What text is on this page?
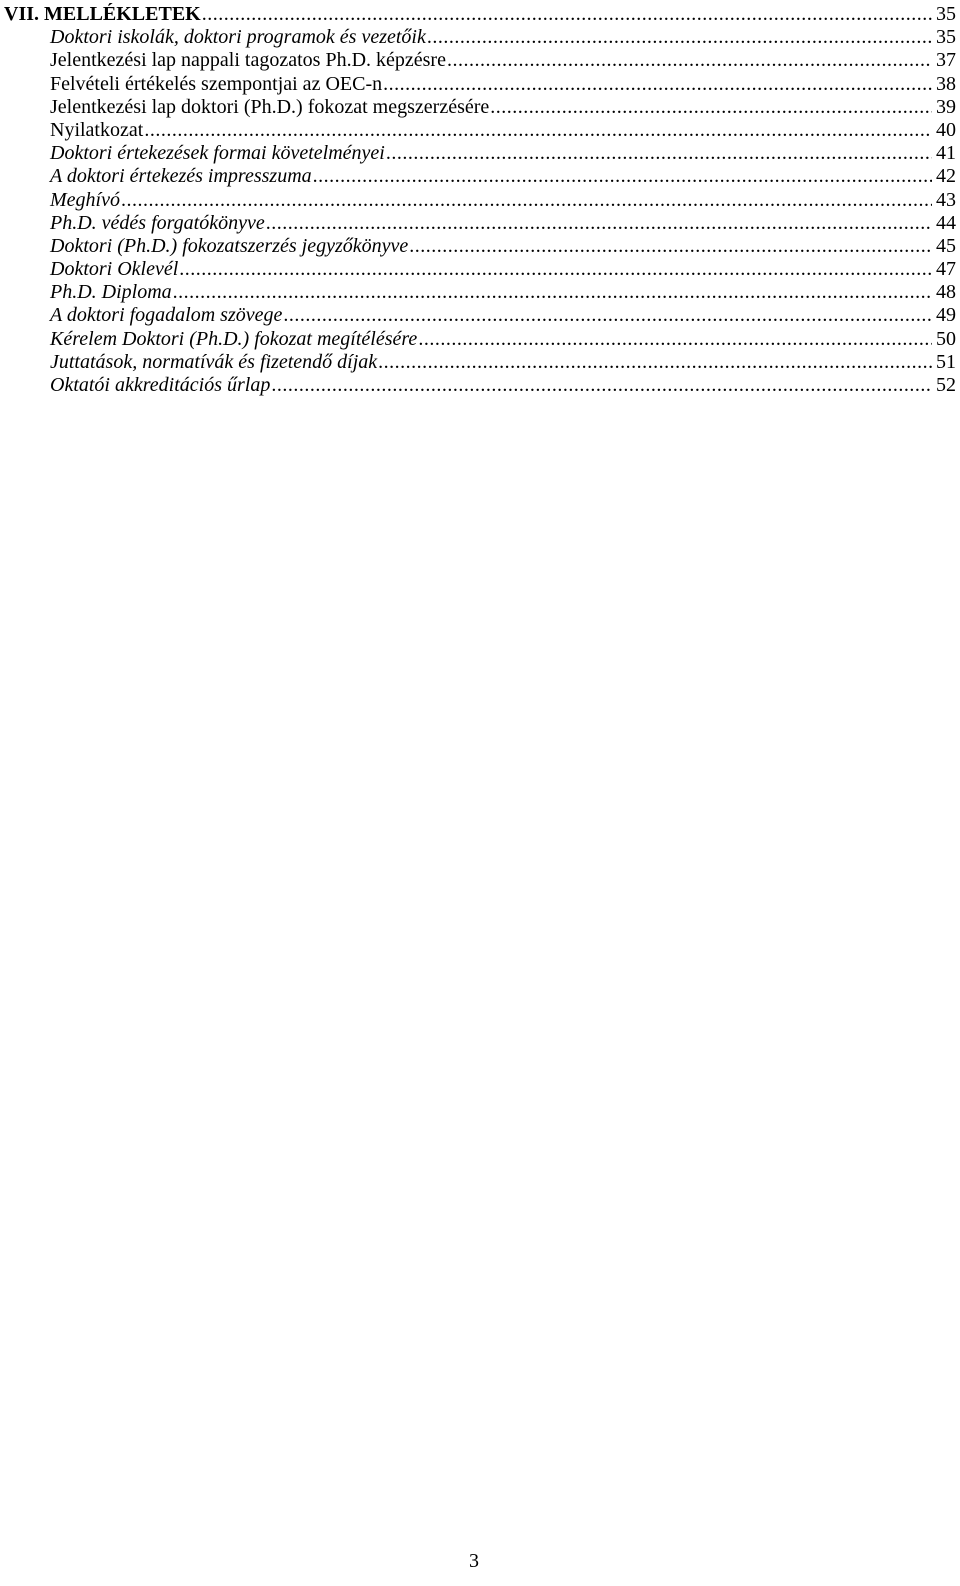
VII. MELLÉKLETEK .....	35
Doktori iskolák, doktori programok és vezetőik .....	35
Jelentkezési lap nappali tagozatos Ph.D. képzésre .....	37
Felvételi értékelés szempontjai az OEC-n .....	38
Jelentkezési lap doktori (Ph.D.) fokozat megszerzésére .....	39
Nyilatkozat .....	40
Doktori értekezések formai követelményei .....	41
A doktori értekezés impresszuma .....	42
Meghívó .....	43
Ph.D. védés forgatókönyve .....	44
Doktori (Ph.D.) fokozatszerzés jegyzőkönyve .....	45
Doktori Oklevél .....	47
Ph.D. Diploma .....	48
A doktori fogadalom szövege .....	49
Kérelem Doktori (Ph.D.) fokozat megítélésére .....	50
Juttatások, normatívák és fizetendő díjak .....	51
Oktatói akkreditációs űrlap .....	52
3
